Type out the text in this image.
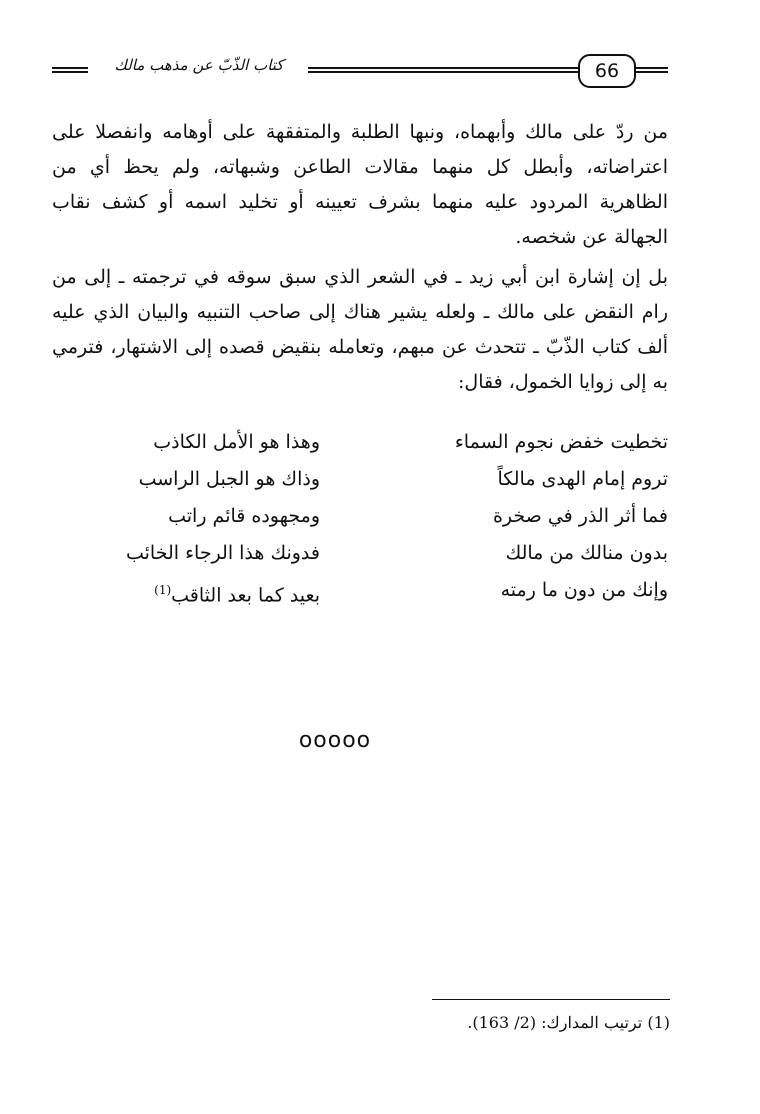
كتاب الذّبّ عن مذهب مالك	66
من ردّ على مالك وأبهماه، ونبها الطلبة والمتفقهة على أوهامه وانفصلا على اعتراضاته، وأبطل كل منهما مقالات الطاعن وشبهاته، ولم يحظ أي من الظاهرية المردود عليه منهما بشرف تعيينه أو تخليد اسمه أو كشف نقاب الجهالة عن شخصه.
بل إن إشارة ابن أبي زيد ـ في الشعر الذي سبق سوقه في ترجمته ـ إلى من رام النقض على مالك ـ ولعله يشير هناك إلى صاحب التنبيه والبيان الذي عليه ألف كتاب الذّبّ ـ تتحدث عن مبهم، وتعامله بنقيض قصده إلى الاشتهار، فترمي به إلى زوايا الخمول، فقال:
تخطيت خفض نجوم السماء
وهذا هو الأمل الكاذب
تروم إمام الهدى مالكاً
وذاك هو الجبل الراسب
فما أثر الذر في صخرة
ومجهوده قائم راتب
بدون منالك من مالك
فدونك هذا الرجاء الخائب
وإنك من دون ما رمته
بعيد كما بعد الثاقب$^{(1)}$
ooooo
(1) ترتيب المدارك: (2/ 163).
